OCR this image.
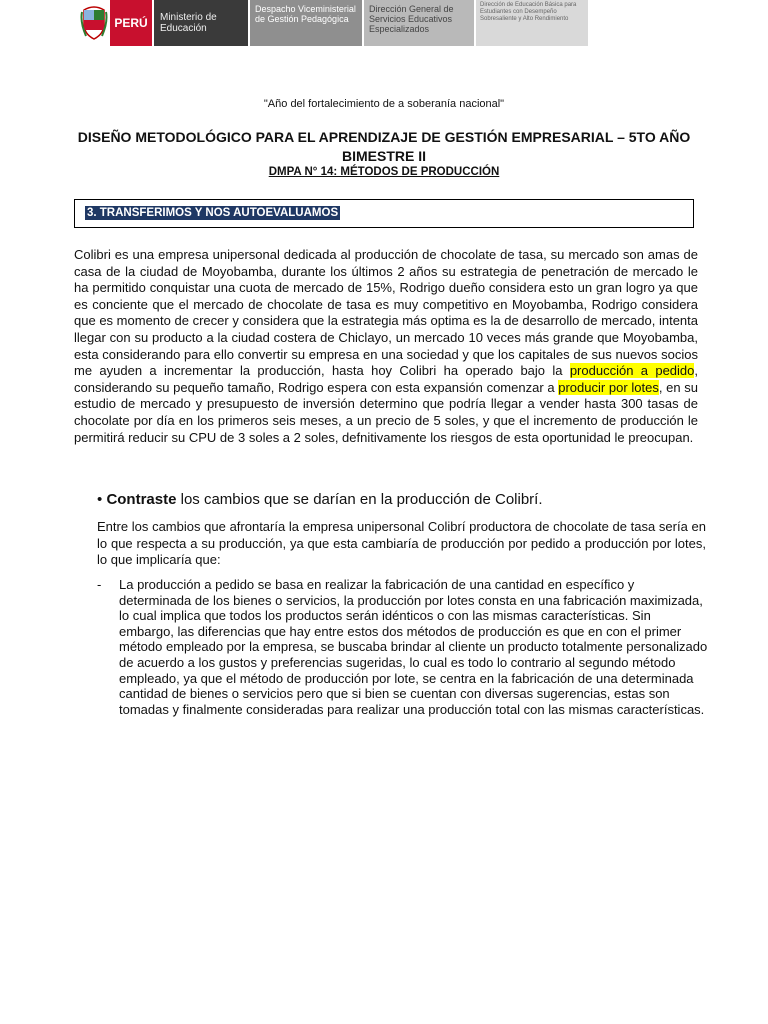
PERÚ	Ministerio de Educación
Despacho Viceministerial de Gestión Pedagógica
Dirección General de Servicios Educativos Especializados
Dirección de Educación Básica para Estudiantes con Desempeño Sobresaliente y Alto Rendimiento
"Año del fortalecimiento de a soberanía nacional"
DISEÑO METODOLÓGICO PARA EL APRENDIZAJE DE GESTIÓN EMPRESARIAL – 5TO AÑO
BIMESTRE II
DMPA N° 14: MÉTODOS DE PRODUCCIÓN
3. TRANSFERIMOS Y NOS AUTOEVALUAMOS
Colibri es una empresa unipersonal dedicada al producción de chocolate de tasa, su mercado son amas de casa de la ciudad de Moyobamba, durante los últimos 2 años su estrategia de penetración de mercado le ha permitido conquistar una cuota de mercado de 15%, Rodrigo dueño considera esto un gran logro ya que es conciente que el mercado de chocolate de tasa es muy competitivo en Moyobamba, Rodrigo considera que es momento de crecer y considera que la estrategia más optima es la de desarrollo de mercado, intenta llegar con su producto a la ciudad costera de Chiclayo, un mercado 10 veces más grande que Moyobamba, esta considerando para ello convertir su empresa en una sociedad y que los capitales de sus nuevos socios me ayuden a incrementar la producción, hasta hoy Colibri ha operado bajo la producción a pedido, considerando su pequeño tamaño, Rodrigo espera con esta expansión comenzar a producir por lotes, en su estudio de mercado y presupuesto de inversión determino que podría llegar a vender hasta 300 tasas de chocolate por día en los primeros seis meses, a un precio de 5 soles, y que el incremento de producción le permitirá reducir su CPU de 3 soles a 2 soles, defnitivamente los riesgos de esta oportunidad le preocupan.
• Contraste los cambios que se darían en la producción de Colibrí.
Entre los cambios que afrontaría la empresa unipersonal Colibrí productora de chocolate de tasa sería en lo que respecta a su producción, ya que esta cambiaría de producción por pedido a producción por lotes, lo que implicaría que:
- La producción a pedido se basa en realizar la fabricación de una cantidad en específico y determinada de los bienes o servicios, la producción por lotes consta en una fabricación maximizada, lo cual implica que todos los productos serán idénticos o con las mismas características. Sin embargo, las diferencias que hay entre estos dos métodos de producción es que en con el primer método empleado por la empresa, se buscaba brindar al cliente un producto totalmente personalizado de acuerdo a los gustos y preferencias sugeridas, lo cual es todo lo contrario al segundo método empleado, ya que el método de producción por lote, se centra en la fabricación de una determinada cantidad de bienes o servicios pero que si bien se cuentan con diversas sugerencias, estas son tomadas y finalmente consideradas para realizar una producción total con las mismas características.
